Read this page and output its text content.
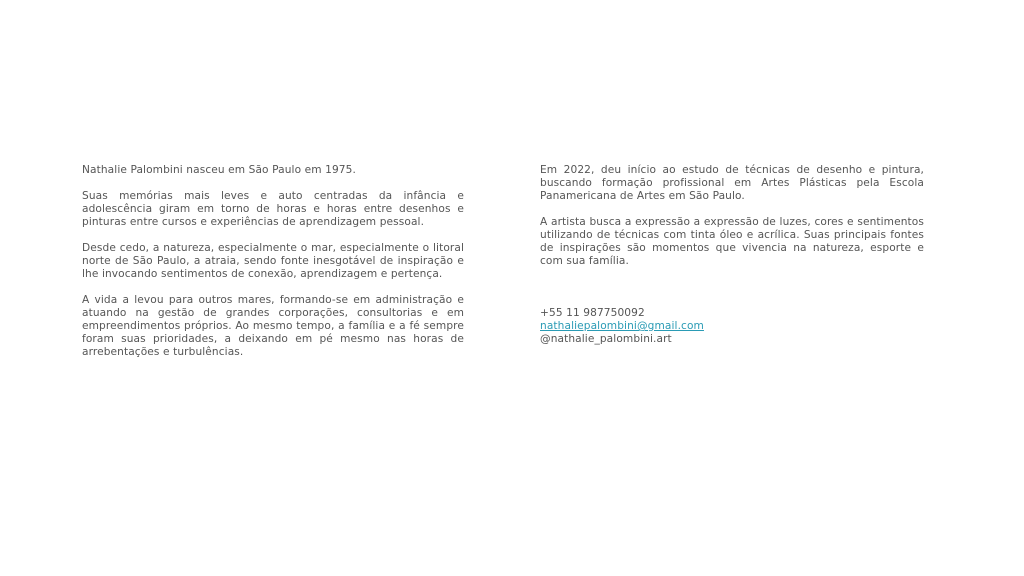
Nathalie Palombini nasceu em São Paulo em 1975.

Suas memórias mais leves e auto centradas da infância e adolescência giram em torno de horas e horas entre desenhos e pinturas entre cursos e experiências de aprendizagem pessoal.

Desde cedo, a natureza, especialmente o mar, especialmente o litoral norte de São Paulo, a atraia, sendo fonte inesgotável de inspiração e lhe invocando sentimentos de conexão, aprendizagem e pertença.

A vida a levou para outros mares, formando-se em administração e atuando na gestão de grandes corporações, consultorias e em empreendimentos próprios. Ao mesmo tempo, a família e a fé sempre foram suas prioridades, a deixando em pé mesmo nas horas de arrebentações e turbulências.

Em 2022, deu início ao estudo de técnicas de desenho e pintura, buscando formação profissional em Artes Plásticas pela Escola Panamericana de Artes em São Paulo.

A artista busca a expressão a expressão de luzes, cores e sentimentos utilizando de técnicas com tinta óleo e acrílica. Suas principais fontes de inspirações são momentos que vivencia na natureza, esporte e com sua família.

+55 11 987750092
nathaliepalombini@gmail.com
@nathalie_palombini.art
